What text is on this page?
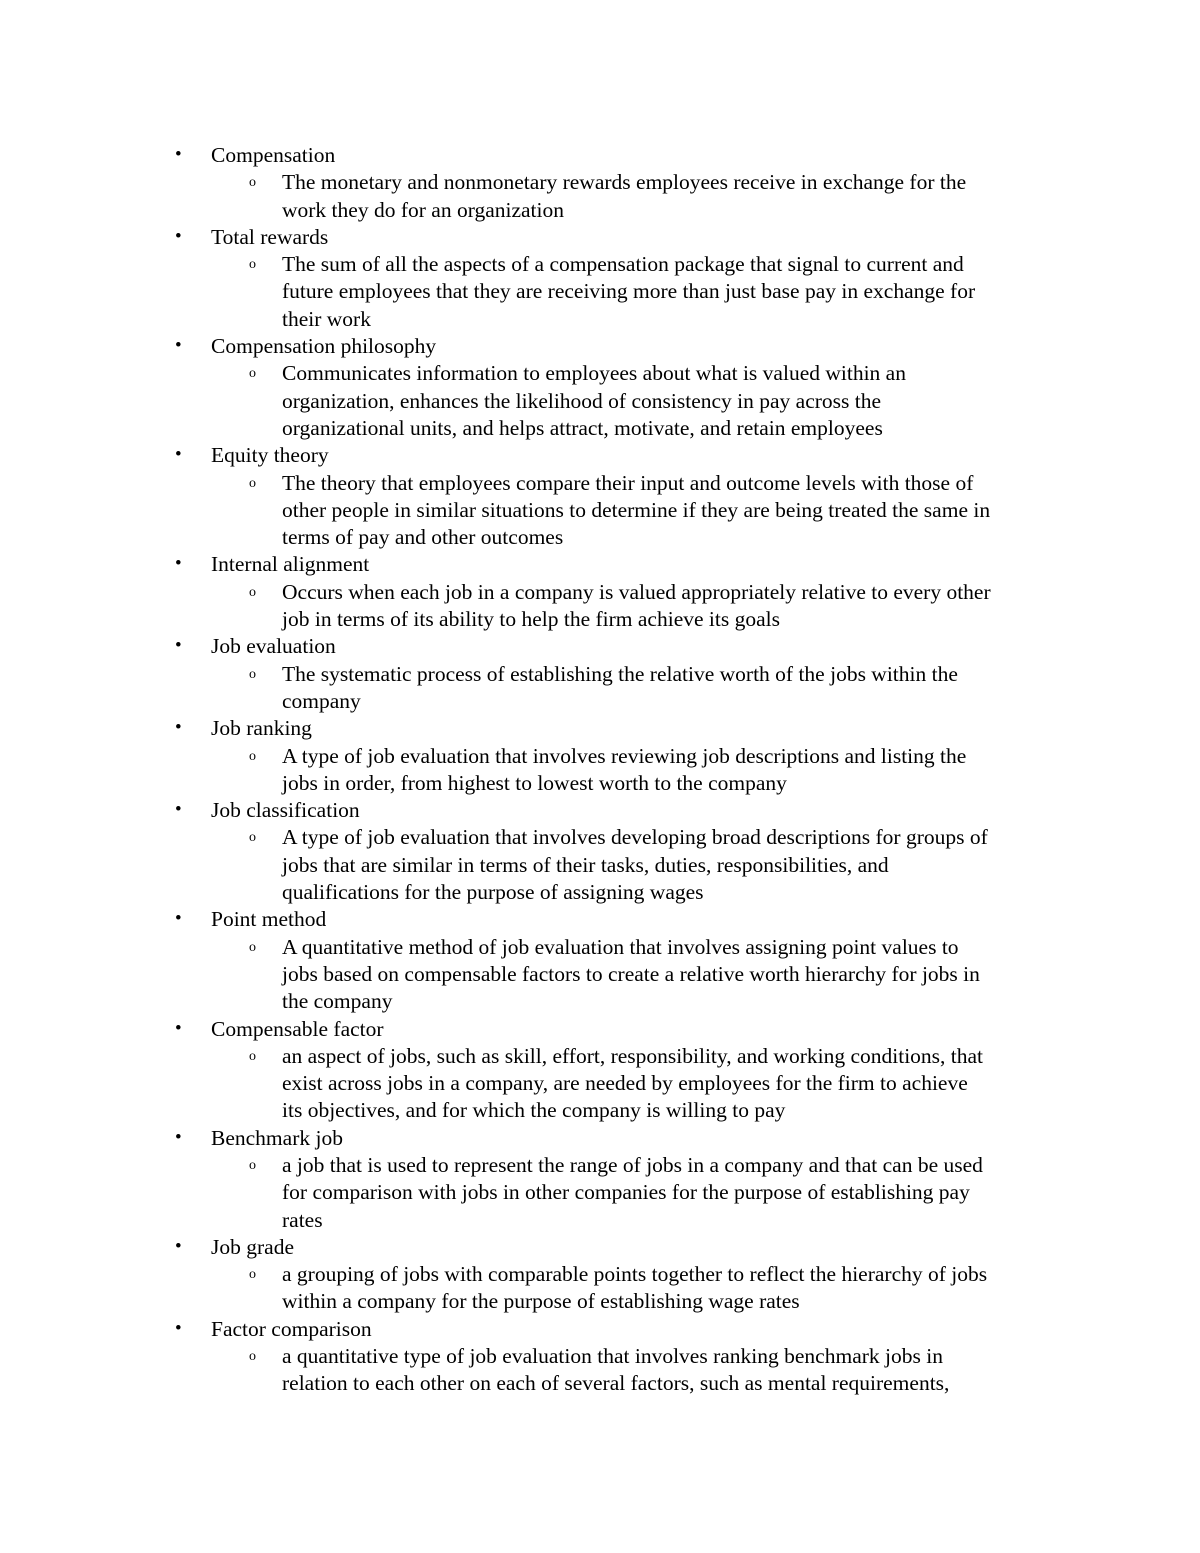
• Compensation
o The monetary and nonmonetary rewards employees receive in exchange for the
work they do for an organization
• Total rewards
o The sum of all the aspects of a compensation package that signal to current and
future employees that they are receiving more than just base pay in exchange for
their work
• Compensation philosophy
o Communicates information to employees about what is valued within an
organization, enhances the likelihood of consistency in pay across the
organizational units, and helps attract, motivate, and retain employees
• Equity theory
o The theory that employees compare their input and outcome levels with those of
other people in similar situations to determine if they are being treated the same in
terms of pay and other outcomes
• Internal alignment
o Occurs when each job in a company is valued appropriately relative to every other
job in terms of its ability to help the firm achieve its goals
• Job evaluation
o The systematic process of establishing the relative worth of the jobs within the
company
• Job ranking
o A type of job evaluation that involves reviewing job descriptions and listing the
jobs in order, from highest to lowest worth to the company
• Job classification
o A type of job evaluation that involves developing broad descriptions for groups of
jobs that are similar in terms of their tasks, duties, responsibilities, and
qualifications for the purpose of assigning wages
• Point method
o A quantitative method of job evaluation that involves assigning point values to
jobs based on compensable factors to create a relative worth hierarchy for jobs in
the company
• Compensable factor
o an aspect of jobs, such as skill, effort, responsibility, and working conditions, that
exist across jobs in a company, are needed by employees for the firm to achieve
its objectives, and for which the company is willing to pay
• Benchmark job
o a job that is used to represent the range of jobs in a company and that can be used
for comparison with jobs in other companies for the purpose of establishing pay
rates
• Job grade
o a grouping of jobs with comparable points together to reflect the hierarchy of jobs
within a company for the purpose of establishing wage rates
• Factor comparison
o a quantitative type of job evaluation that involves ranking benchmark jobs in
relation to each other on each of several factors, such as mental requirements,
